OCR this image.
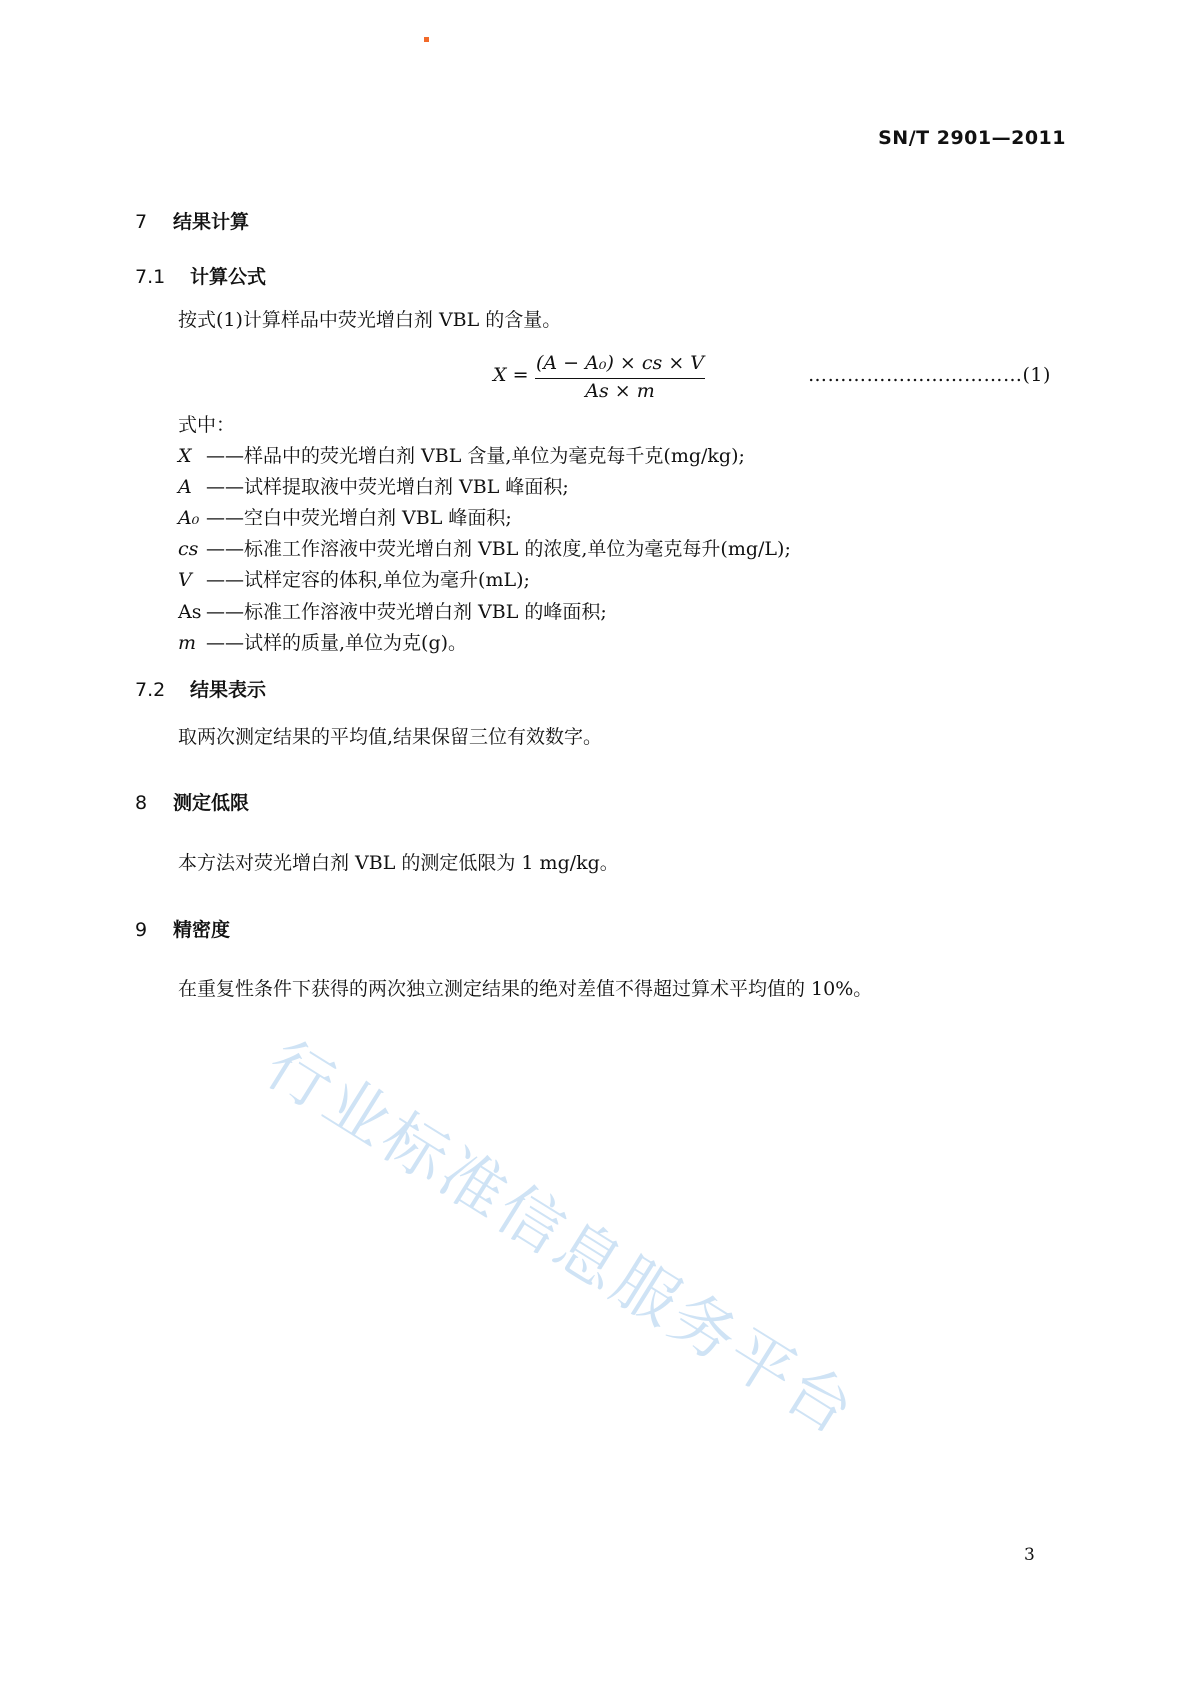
SN/T 2901—2011
7 结果计算
7.1 计算公式
按式(1)计算样品中荧光增白剂 VBL 的含量。
X =
(A − A₀) × cs × V
As × m
……………………………(1)
式中：
X ——样品中的荧光增白剂 VBL 含量,单位为毫克每千克(mg/kg);
A ——试样提取液中荧光增白剂 VBL 峰面积;
A₀ ——空白中荧光增白剂 VBL 峰面积;
cs ——标准工作溶液中荧光增白剂 VBL 的浓度,单位为毫克每升(mg/L);
V ——试样定容的体积,单位为毫升(mL);
As ——标准工作溶液中荧光增白剂 VBL 的峰面积;
m ——试样的质量,单位为克(g)。
7.2 结果表示
取两次测定结果的平均值,结果保留三位有效数字。
8 测定低限
本方法对荧光增白剂 VBL 的测定低限为 1 mg/kg。
9 精密度
在重复性条件下获得的两次独立测定结果的绝对差值不得超过算术平均值的 10%。
行业标准信息服务平台
3
